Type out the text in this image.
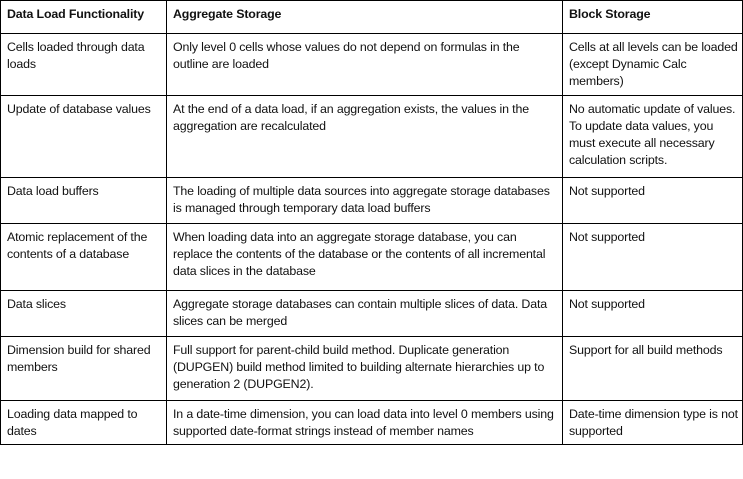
Data Load Functionality	Aggregate Storage	Block Storage
Cells loaded through data loads	Only level 0 cells whose values do not depend on formulas in the outline are loaded	Cells at all levels can be loaded (except Dynamic Calc members)
Update of database values	At the end of a data load, if an aggregation exists, the values in the aggregation are recalculated	No automatic update of values. To update data values, you must execute all necessary calculation scripts.
Data load buffers	The loading of multiple data sources into aggregate storage databases is managed through temporary data load buffers	Not supported
Atomic replacement of the contents of a database	When loading data into an aggregate storage database, you can replace the contents of the database or the contents of all incremental data slices in the database	Not supported
Data slices	Aggregate storage databases can contain multiple slices of data. Data slices can be merged	Not supported
Dimension build for shared members	Full support for parent-child build method. Duplicate generation (DUPGEN) build method limited to building alternate hierarchies up to generation 2 (DUPGEN2).	Support for all build methods
Loading data mapped to dates	In a date-time dimension, you can load data into level 0 members using supported date-format strings instead of member names	Date-time dimension type is not supported
